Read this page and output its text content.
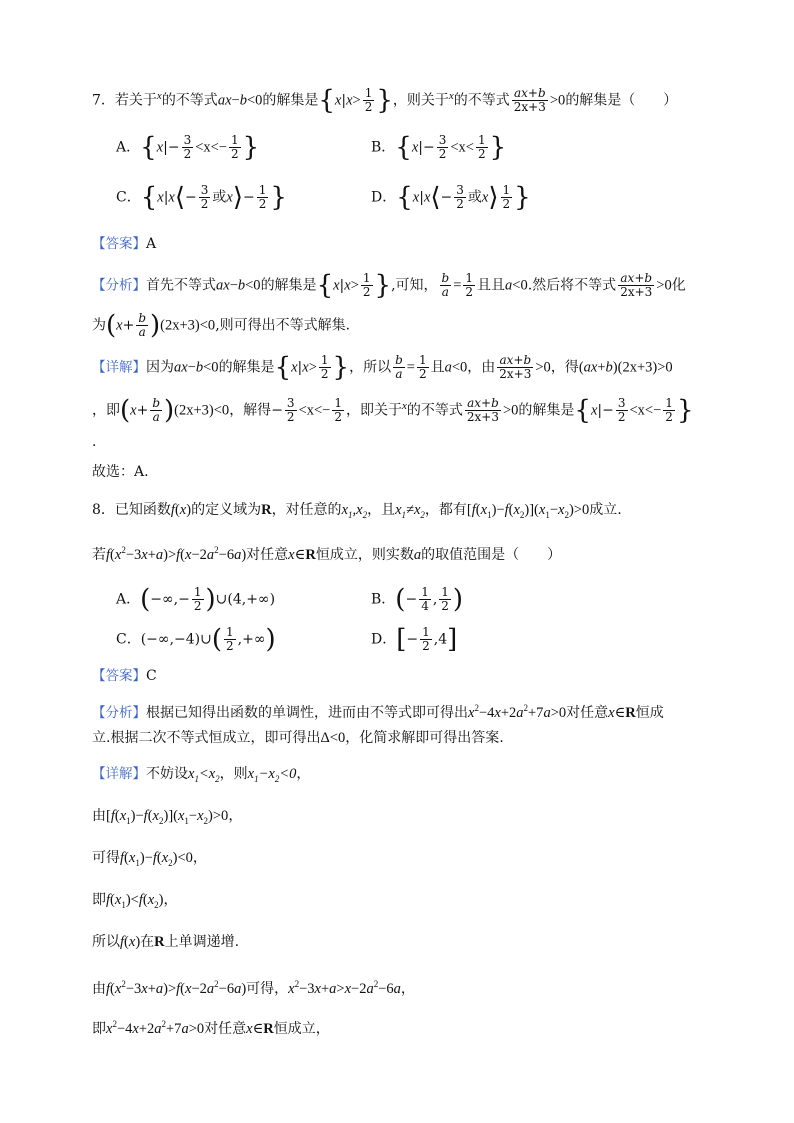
7．若关于$^x$的不等式ax−b<0的解集是{$x|x> \frac{1}{2}$ }，则关于$^x$的不等式 $\frac{ax+b}{2x+3} >0$的解集是（　　）
A．{$x|- \frac{3}{2} <x<- \frac{1}{2}$ }	B．{$x|- \frac{3}{2} <x< \frac{1}{2}$ }
C．{x|x⟨− $\frac{3}{2}$ 或x⟩− $\frac{1}{2}$ }	D．{x|x⟨− $\frac{3}{2}$ 或x⟩ $\frac{1}{2}$ }
【答案】A
【分析】首先不等式ax−b<0的解集是{$x|x> \frac{1}{2}$ },可知， $\frac{b}{a} = \frac{1}{2}$ 且且a<0.然后将不等式 $\frac{ax+b}{2x+3} >0$化
为$(x+ \frac{b}{a} )(2x+3)<0$,则可得出不等式解集.
【详解】因为ax−b<0的解集是{$x|x> \frac{1}{2}$ }，所以 $\frac{b}{a} = \frac{1}{2}$ 且a<0，由 $\frac{ax+b}{2x+3} >0$，得(ax+b)(2x+3)>0
，即$(x+ \frac{b}{a} )(2x+3)<0$，解得− $\frac{3}{2} <x<- \frac{1}{2}$ ，即关于$^x$的不等式 $\frac{ax+b}{2x+3} >0$的解集是{$x|- \frac{3}{2} <x<- \frac{1}{2}$ }
.
故选：A.
8．已知函数f(x)的定义域为R，对任意的$x_1,x_2$，且$x_1\ne x_2$，都有$[f(x_1)-f(x_2)](x_1-x_2)>0$成立.
若$f(x^2-3x+a)>f(x-2a^2-6a)$对任意x∈R恒成立，则实数a的取值范围是（　　）
A．(−∞,− $\frac{1}{2}$ )∪(4,+∞)	B．(− $\frac{1}{4}$ , $\frac{1}{2}$ )
C．(−∞,−4)∪( $\frac{1}{2}$ ,+∞)	D．[− $\frac{1}{2} ,4$]
【答案】C
【分析】根据已知得出函数的单调性，进而由不等式即可得出$x^2-4x+2a^2+7a>0$对任意x∈R恒成
立.根据二次不等式恒成立，即可得出Δ<0，化简求解即可得出答案.
【详解】不妨设$x_1<x_2$，则$x_1-x_2<0$，
由$[f(x_1)-f(x_2)](x_1-x_2)>0$，
可得$f(x_1)-f(x_2)<0$，
即$f(x_1)<f(x_2)$，
所以f(x)在R上单调递增.
由$f(x^2-3x+a)>f(x-2a^2-6a)$可得，$x^2-3x+a>x-2a^2-6a$，
即$x^2-4x+2a^2+7a>0$对任意x∈R恒成立，
